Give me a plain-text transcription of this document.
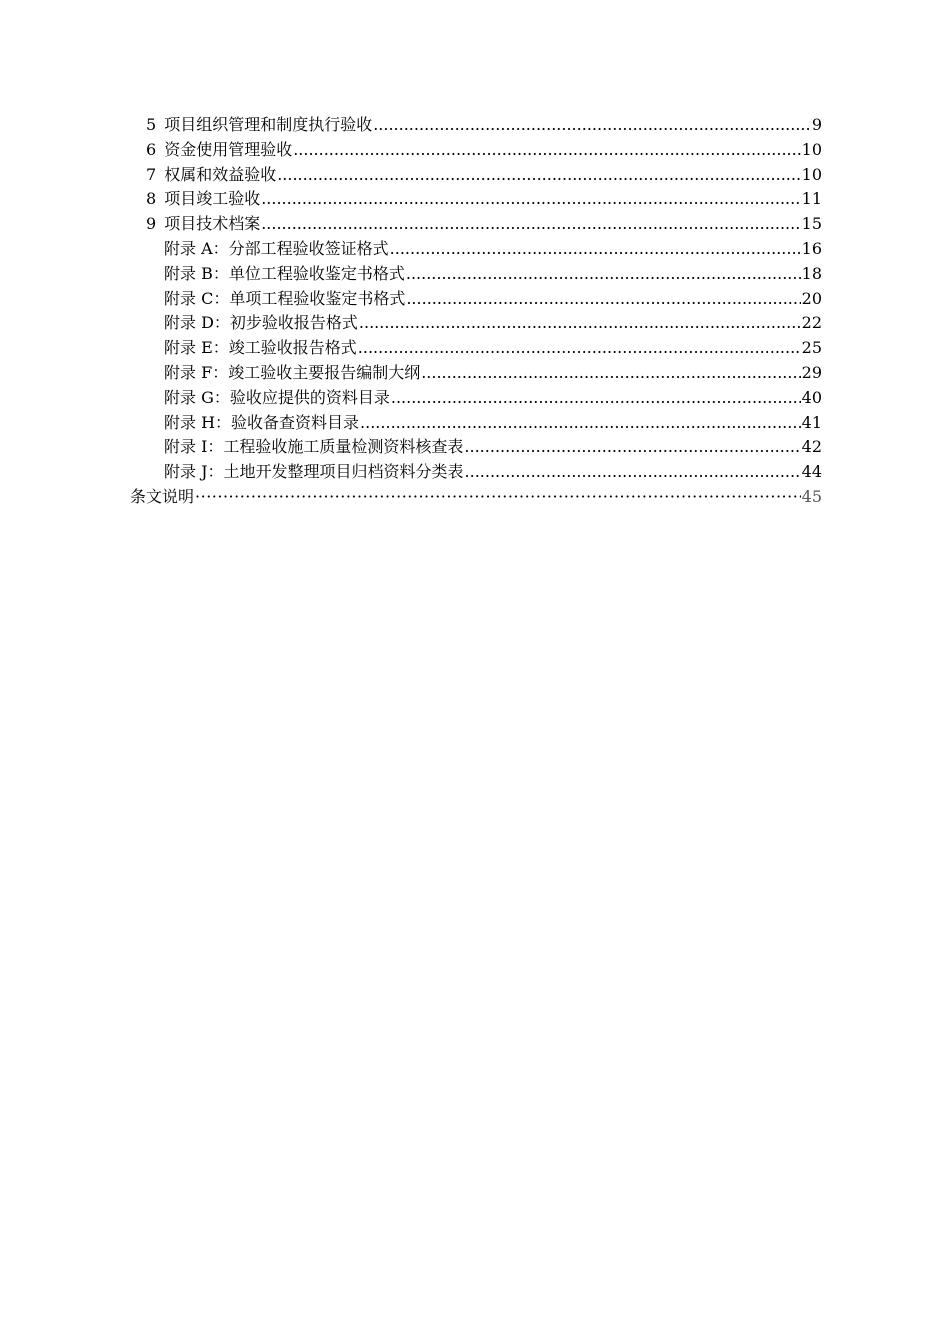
5 项目组织管理和制度执行验收 .....	9
6 资金使用管理验收 .....	10
7 权属和效益验收 .....	10
8 项目竣工验收 .....	11
9 项目技术档案 .....	15
附录 A：分部工程验收签证格式 .....	16
附录 B：单位工程验收鉴定书格式 .....	18
附录 C：单项工程验收鉴定书格式 .....	20
附录 D：初步验收报告格式 .....	22
附录 E：竣工验收报告格式 .....	25
附录 F：竣工验收主要报告编制大纲 .....	29
附录 G：验收应提供的资料目录 .....	40
附录 H：验收备查资料目录 .....	41
附录 I：工程验收施工质量检测资料核查表 .....	42
附录 J：土地开发整理项目归档资料分类表 .....	44
条文说明 ·····	45
